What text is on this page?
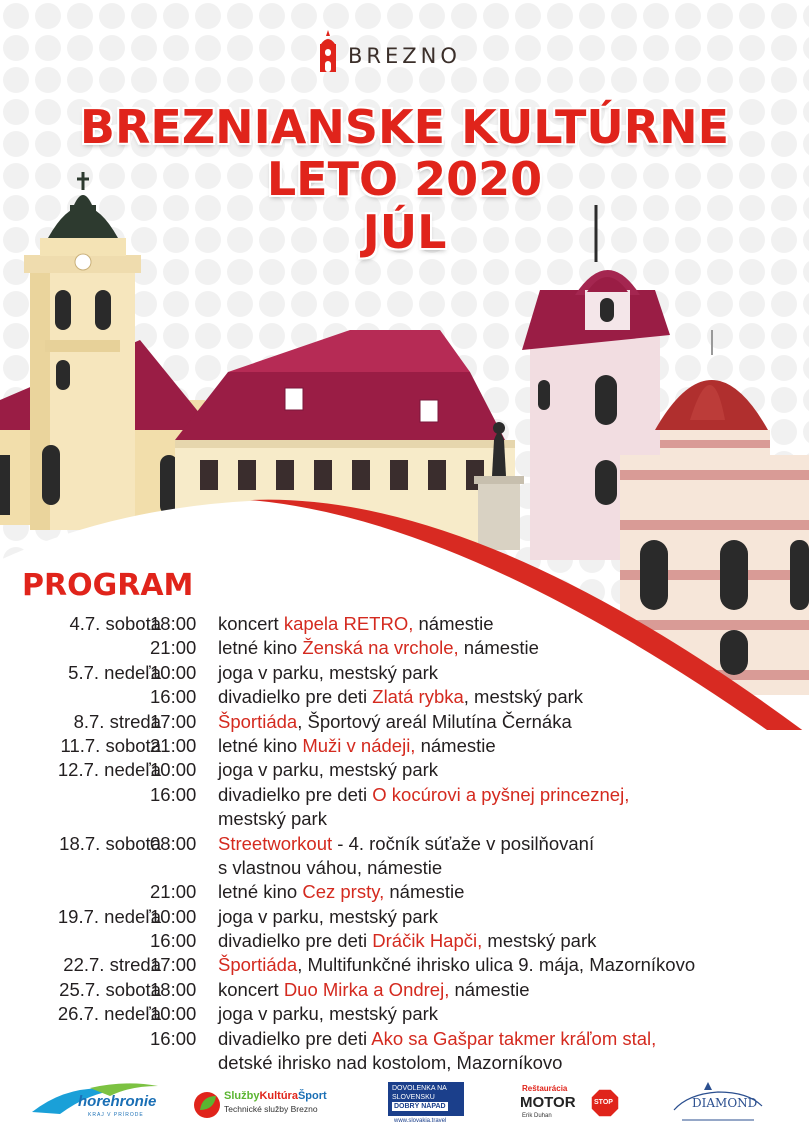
BREZNO
BREZNIANSKE KULTÚRNE
LETO 2020
JÚL
PROGRAM
4.7. sobota
18:00 koncert kapela RETRO, námestie
21:00 letné kino Ženská na vrchole, námestie
5.7. nedeľa
10:00 joga v parku, mestský park
16:00 divadielko pre deti Zlatá rybka, mestský park
8.7. streda
17:00 Športiáda, Športový areál Milutína Černáka
11.7. sobota
21:00 letné kino Muži v nádeji, námestie
12.7. nedeľa
10:00 joga v parku, mestský park
16:00 divadielko pre deti O kocúrovi a pyšnej princeznej,
mestský park
18.7. sobota
08:00 Streetworkout - 4. ročník súťaže v posilňovaní
s vlastnou váhou, námestie
21:00 letné kino Cez prsty, námestie
19.7. nedeľa
10:00 joga v parku, mestský park
16:00 divadielko pre deti Dráčik Hapči, mestský park
22.7. streda
17:00 Športiáda, Multifunkčné ihrisko ulica 9. mája, Mazorníkovo
25.7. sobota
18:00 koncert Duo Mirka a Ondrej, námestie
26.7. nedeľa
10:00 joga v parku, mestský park
16:00 divadielko pre deti Ako sa Gašpar takmer kráľom stal,
detské ihrisko nad kostolom, Mazorníkovo
horehronie
KRAJ V PRÍRODE
SlužbyKultúraŠport
Technické služby Brezno
DOVOLENKA NA
SLOVENSKU
DOBRÝ NÁPAD
www.slovakia.travel
Reštaurácia
MOTOR
Erik Duhan
STOP	DIAMOND
